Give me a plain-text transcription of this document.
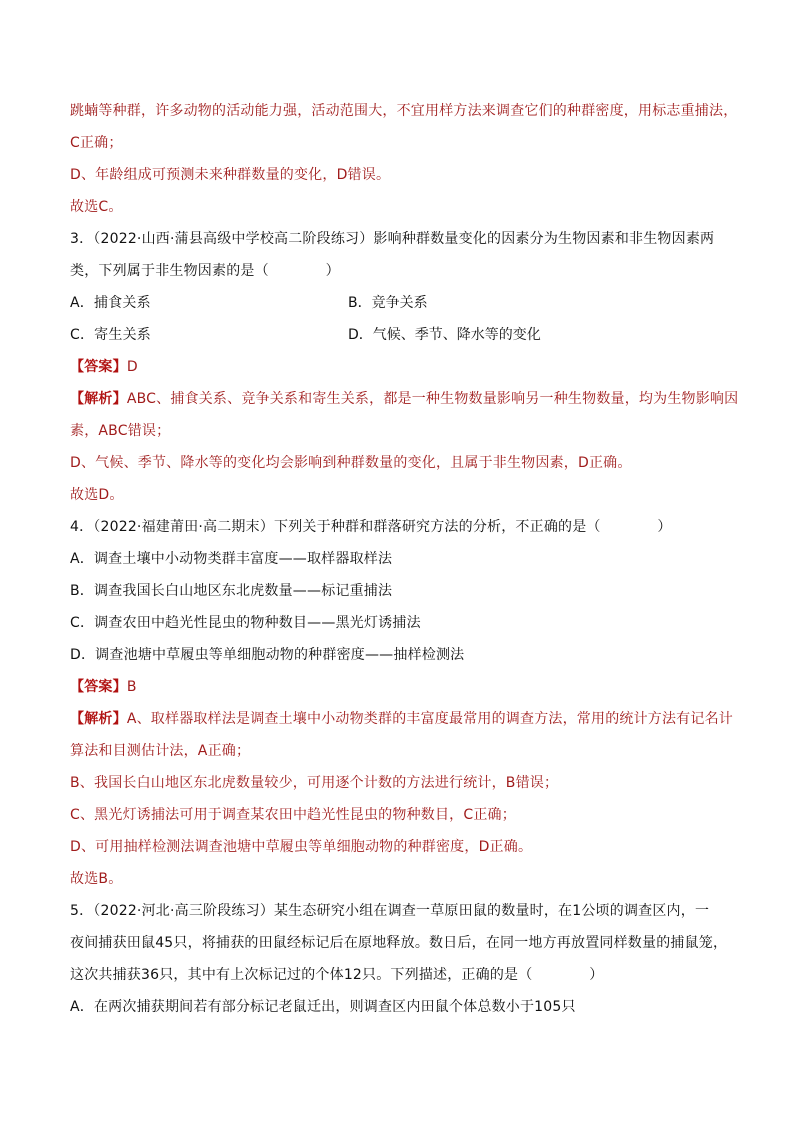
跳蝻等种群，许多动物的活动能力强，活动范围大，不宜用样方法来调查它们的种群密度，用标志重捕法，
C正确；
D、年龄组成可预测未来种群数量的变化，D错误。
故选C。
3．（2022·山西·蒲县高级中学校高二阶段练习）影响种群数量变化的因素分为生物因素和非生物因素两
类，下列属于非生物因素的是（　　　　）
A．捕食关系	B．竞争关系
C．寄生关系	D．气候、季节、降水等的变化
【答案】D
【解析】ABC、捕食关系、竞争关系和寄生关系，都是一种生物数量影响另一种生物数量，均为生物影响因
素，ABC错误；
D、气候、季节、降水等的变化均会影响到种群数量的变化，且属于非生物因素，D正确。
故选D。
4．（2022·福建莆田·高二期末）下列关于种群和群落研究方法的分析，不正确的是（　　　　）
A．调查土壤中小动物类群丰富度——取样器取样法
B．调查我国长白山地区东北虎数量——标记重捕法
C．调查农田中趋光性昆虫的物种数目——黑光灯诱捕法
D．调查池塘中草履虫等单细胞动物的种群密度——抽样检测法
【答案】B
【解析】A、取样器取样法是调查土壤中小动物类群的丰富度最常用的调查方法，常用的统计方法有记名计
算法和目测估计法，A正确；
B、我国长白山地区东北虎数量较少，可用逐个计数的方法进行统计，B错误；
C、黑光灯诱捕法可用于调查某农田中趋光性昆虫的物种数目，C正确；
D、可用抽样检测法调查池塘中草履虫等单细胞动物的种群密度，D正确。
故选B。
5．（2022·河北·高三阶段练习）某生态研究小组在调查一草原田鼠的数量时，在1公顷的调查区内，一
夜间捕获田鼠45只，将捕获的田鼠经标记后在原地释放。数日后，在同一地方再放置同样数量的捕鼠笼，
这次共捕获36只，其中有上次标记过的个体12只。下列描述，正确的是（　　　　）
A．在两次捕获期间若有部分标记老鼠迁出，则调查区内田鼠个体总数小于105只
